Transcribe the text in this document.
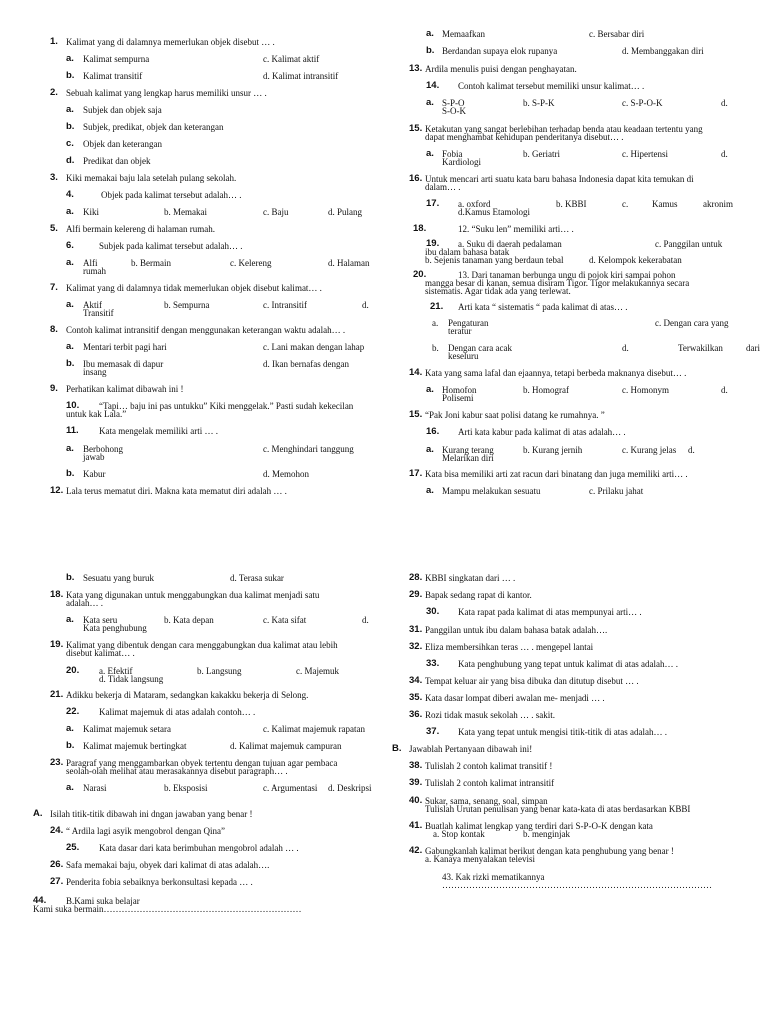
1. Kalimat yang di dalamnya memerlukan objek disebut … .
a. Kalimat sempurna	c. Kalimat aktif
b. Kalimat transitif	d. Kalimat intransitif
2. Sebuah kalimat yang lengkap harus memiliki unsur … .
a. Subjek dan objek saja
b. Subjek, predikat, objek dan keterangan
c. Objek dan keterangan
d. Predikat dan objek
3. Kiki memakai baju lala setelah pulang sekolah.
4.	Objek pada kalimat tersebut adalah… .
a. Kiki	b. Memakai	c. Baju	d. Pulang
5. Alfi bermain kelereng di halaman rumah.
6.	Subjek pada kalimat tersebut adalah… .
a. Alfi	b. Bermain	c. Kelereng	d. Halaman
rumah
7. Kalimat yang di dalamnya tidak memerlukan objek disebut kalimat… .
a. Aktif	b. Sempurna	c. Intransitif	d.
Transitif
8. Contoh kalimat intransitif dengan menggunakan keterangan waktu adalah… .
a. Mentari terbit pagi hari	c. Lani makan dengan lahap
b. Ibu memasak di dapur	d. Ikan bernafas dengan
insang
9. Perhatikan kalimat dibawah ini !
10. “Tapi… baju ini pas untukku” Kiki menggelak.” Pasti sudah kekecilan
untuk kak Lala.”
11. Kata mengelak memiliki arti … .
a. Berbohong	c. Menghindari tanggung
jawab
b. Kabur	d. Memohon
12. Lala terus mematut diri. Makna kata mematut diri adalah … .
a. Memaafkan	c. Bersabar diri
b. Berdandan supaya elok rupanya	d. Membanggakan diri
13. Ardila menulis puisi dengan penghayatan.
14. Contoh kalimat tersebut memiliki unsur kalimat… .
a. S-P-O	b. S-P-K	c. S-P-O-K	d.
S-O-K
15. Ketakutan yang sangat berlebihan terhadap benda atau keadaan tertentu yang
dapat menghambat kehidupan penderitanya disebut… .
a. Fobia	b. Geriatri	c. Hipertensi	d.
Kardiologi
16. Untuk mencari arti suatu kata baru bahasa Indonesia dapat kita temukan di
dalam… .
17. a. oxford	b. KBBI	c.	Kamus	akronim
d.Kamus Etamologi
18.	12. “Suku len” memiliki arti… .
19. a. Suku di daerah pedalaman	c. Panggilan untuk
ibu dalam bahasa batak
b. Sejenis tanaman yang berdaun tebal	d. Kelompok kekerabatan
20.	13. Dari tanaman berbunga ungu di pojok kiri sampai pohon
mangga besar di kanan, semua disiram Tigor. Tigor melakukannya secara
sistematis. Agar tidak ada yang terlewat.
21. Arti kata “ sistematis “ pada kalimat di atas… .
a. Pengaturan	c. Dengan cara yang
teratur
b. Dengan cara acak	d.	Terwakilkan	dari
keseluru
14. Kata yang sama lafal dan ejaannya, tetapi berbeda maknanya disebut… .
a. Homofon	b. Homograf	c. Homonym	d.
Polisemi
15. “Pak Joni kabur saat polisi datang ke rumahnya. ”
16. Arti kata kabur pada kalimat di atas adalah… .
a. Kurang terang	b. Kurang jernih	c. Kurang jelas d.
Melarikan diri
17. Kata bisa memiliki arti zat racun dari binatang dan juga memiliki arti… .
a. Mampu melakukan sesuatu	c. Prilaku jahat
b. Sesuatu yang buruk	d. Terasa sukar
18. Kata yang digunakan untuk menggabungkan dua kalimat menjadi satu
adalah… .
a. Kata seru	b. Kata depan	c. Kata sifat	d.
Kata penghubung
19. Kalimat yang dibentuk dengan cara menggabungkan dua kalimat atau lebih
disebut kalimat… .
20. a. Efektif	b. Langsung	c. Majemuk
d. Tidak langsung
21. Adikku bekerja di Mataram, sedangkan kakakku bekerja di Selong.
22. Kalimat majemuk di atas adalah contoh… .
a. Kalimat majemuk setara	c. Kalimat majemuk rapatan
b. Kalimat majemuk bertingkat	d. Kalimat majemuk campuran
23. Paragraf yang menggambarkan obyek tertentu dengan tujuan agar pembaca
seolah-olah melihat atau merasakannya disebut paragraph… .
a. Narasi	b. Eksposisi	c. Argumentasi d. Deskripsi
A. Isilah titik-titik dibawah ini dngan jawaban yang benar !
24. “ Ardila lagi asyik mengobrol dengan Qina”
25. Kata dasar dari kata berimbuhan mengobrol adalah … .
26. Safa memakai baju, obyek dari kalimat di atas adalah….
27. Penderita fobia sebaiknya berkonsultasi kepada … .
44. B.Kami suka belajar
Kami suka bermain…………………………………………………………
28. KBBI singkatan dari … .
29. Bapak sedang rapat di kantor.
30. Kata rapat pada kalimat di atas mempunyai arti… .
31. Panggilan untuk ibu dalam bahasa batak adalah….
32. Eliza membersihkan teras … . mengepel lantai
33. Kata penghubung yang tepat untuk kalimat di atas adalah… .
34. Tempat keluar air yang bisa dibuka dan ditutup disebut … .
35. Kata dasar lompat diberi awalan me- menjadi … .
36. Rozi tidak masuk sekolah … . sakit.
37. Kata yang tepat untuk mengisi titik-titik di atas adalah… .
B. Jawablah Pertanyaan dibawah ini!
38. Tulislah 2 contoh kalimat transitif !
39. Tulislah 2 contoh kalimat intransitif
40. Sukar, sama, senang, soal, simpan
Tulislah Urutan penulisan yang benar kata-kata di atas berdasarkan KBBI
41. Buatlah kalimat lengkap yang terdiri dari S-P-O-K dengan kata
a. Stop kontak	b. menginjak
42. Gabungkanlah kalimat berikut dengan kata penghubung yang benar !
a. Kanaya menyalakan televisi
43. Kak rizki mematikannya
………………………………………………………………………………
